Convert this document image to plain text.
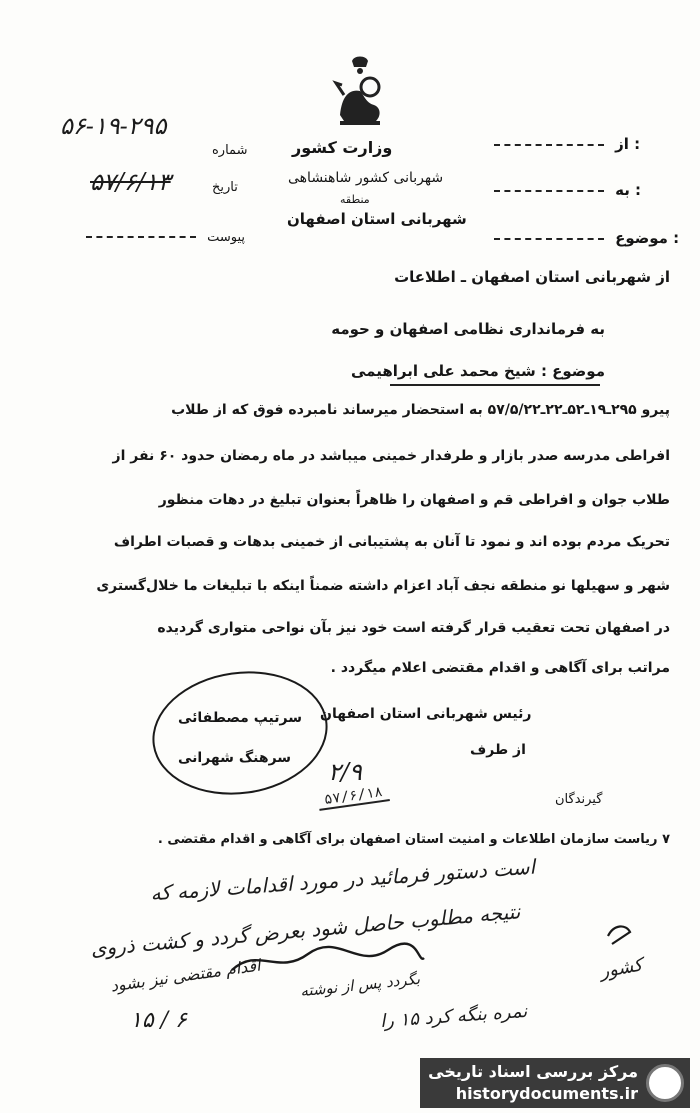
وزارت کشور
شهربانی کشور شاهنشاهی
منطقه
شهربانی استان اصفهان
از :
به :
موضوع :
۵۶-۱۹-۲۹۵
شماره
۵۷/۶/۱۳	تاریخ
پیوست
از شهربانی استان اصفهان ـ اطلاعات
به فرمانداری نظامی اصفهان و حومه
موضوع : شیخ محمد علی ابراهیمی
پیرو ۲۹۵ـ۱۹ـ۵۲ـ۲۲ـ۵۷/۵/۲۲ به استحضار میرساند نامبرده فوق که از طلاب
افراطی مدرسه صدر بازار و طرفدار خمینی میباشد در ماه رمضان حدود ۶۰ نفر از
طلاب جوان و افراطی قم و اصفهان را ظاهراً بعنوان تبلیغ در دهات منظور
تحریک مردم بوده اند و نمود تا آنان به پشتیبانی از خمینی بدهات و قصبات اطراف
شهر و سهیلها نو منطقه نجف آباد اعزام داشته ضمناً اینکه با تبلیغات ما خلال‌گستری
در اصفهان تحت تعقیب قرار گرفته است خود نیز بآن نواحی متواری گردیده
مراتب برای آگاهی و اقدام مقتضی اعلام میگردد .
رئیس شهربانی استان اصفهان
سرتیپ مصطفائی
از طرف
سرهنگ شهرانی ۲/۹
۵۷/۶/۱۸	گیرندگان
۷ ریاست سازمان اطلاعات و امنیت استان اصفهان برای آگاهی و اقدام مقتضی .
است دستور فرمائید در مورد اقدامات لازمه که
نتیجه مطلوب حاصل شود بعرض گردد و کشت ذروی
اقدام مقتضی نیز بشود
نمره بنگه کرد ۱۵ را
بگردد پس از نوشته
۱۵ / ۶
کشور
مرکز بررسی اسناد تاریخی
historydocuments.ir
